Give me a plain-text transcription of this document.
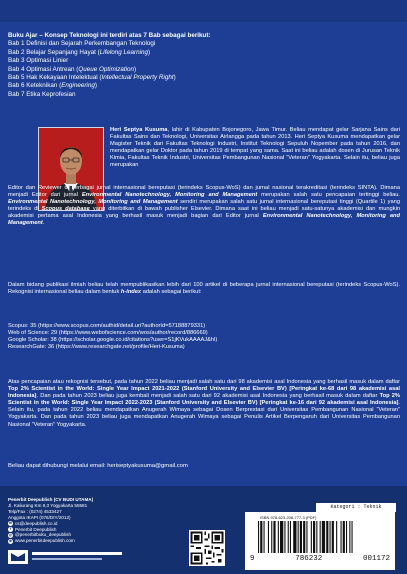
Buku Ajar – Konsep Teknologi ini terdiri atas 7 Bab sebagai berikut:
Bab 1 Definisi dan Sejarah Perkembangan Teknologi
Bab 2 Belajar Sepanjang Hayat (Lifelong Learning)
Bab 3 Optimasi Linier
Bab 4 Optimasi Antrean (Queue Optimization)
Bab 5 Hak Kekayaan Intelektual (Intellectual Property Right)
Bab 6 Keteknikan (Engineering)
Bab 7 Etika Keprofesian
Heri Septya Kusuma, lahir di Kabupaten Bojonegoro, Jawa Timur. Beliau mendapat gelar Sarjana Sains dari Fakultas Sains dan Teknologi, Universitas Airlangga pada tahun 2013. Heri Septya Kusuma mendapatkan gelar Magister Teknik dari Fakultas Teknologi Industri, Institut Teknologi Sepuluh Nopember pada tahun 2016, dan mendapatkan gelar Doktor pada tahun 2019 di tempat yang sama. Saat ini beliau adalah dosen di Jurusan Teknik Kimia, Fakultas Teknik Industri, Universitas Pembangunan Nasional “Veteran” Yogyakarta. Selain itu, beliau juga merupakan
Editor dan Reviewer di berbagai jurnal internasional bereputasi (terindeks Scopus-WoS) dan jurnal nasional terakreditasi (terindeks SINTA). Dimana menjadi Editor dari jurnal Environmental Nanotechnology, Monitoring and Management merupakan salah satu pencapaian tertinggi beliau. Environmental Nanotechnology, Monitoring and Management sendiri merupakan salah satu jurnal internasional bereputasi tinggi (Quartile 1) yang terindeks di Scopus database yang diterbitkan di bawah publisher Elsevier. Dimana saat ini beliau menjadi satu-satunya akademisi dan mungkin akademisi pertama asal Indonesia yang berhasil masuk menjadi bagian dari Editor jurnal Environmental Nanotechnology, Monitoring and Management.
Dalam bidang publikasi ilmiah beliau telah mempublikasikan lebih dari 100 artikel di beberapa jurnal internasional bereputasi (terindeks Scopus-WoS). Rekognisi internasional beliau dalam bentuk h-index adalah sebagai berikut:
Scopus: 35 (https://www.scopus.com/authid/detail.uri?authorId=57188879331)
Web of Science: 29 (https://www.webofscience.com/wos/author/record/886669)
Google Scholar: 38 (https://scholar.google.co.id/citations?user=S1jKVukAAAAJ&hl)
ResearchGate: 36 (https://www.researchgate.net/profile/Heri-Kusuma)
Atas pencapaian atau rekognisi tersebut, pada tahun 2022 beliau menjadi salah satu dari 98 akademisi asal Indonesia yang berhasil masuk dalam daftar Top 2% Scientist in the World: Single Year Impact 2021-2022 (Stanford University and Elsevier BV) [Peringkat ke-68 dari 98 akademisi asal Indonesia]. Dan pada tahun 2023 beliau juga kembali menjadi salah satu dari 92 akademisi asal Indonesia yang berhasil masuk dalam daftar Top 2% Scientist in the World: Single Year Impact 2022-2023 (Stanford University and Elsevier BV) [Peringkat ke-16 dari 92 akademisi asal Indonesia]. Selain itu, pada tahun 2022 beliau mendapatkan Anugerah Wimaya sebagai Dosen Berprestasi dari Universitas Pembangunan Nasional “Veteran” Yogyakarta. Dan pada tahun 2023 beliau juga mendapatkan Anugerah Wimaya sebagai Penulis Artikel Berpengaruh dari Universitas Pembangunan Nasional “Veteran” Yogyakarta.
Beliau dapat dihubungi melalui email: heriseptyakusuma@gmail.com
Penerbit Deepublish (CV BUDI UTAMA)
Jl. Kaliurang Km 9,3 Yogyakarta 55581
Telp/Fax : (0274) 4533427
Anggota IKAPI (076/DIY/2012)
✉ cs@deepublish.co.id
f Penerbit Deepublish
◎ @penerbitbuku_deepublish
⊕ www.penerbitdeepublish.com
Kategori : Teknik
ISBN 978-623-208-777-3 (PDF)
9	786232	001172
